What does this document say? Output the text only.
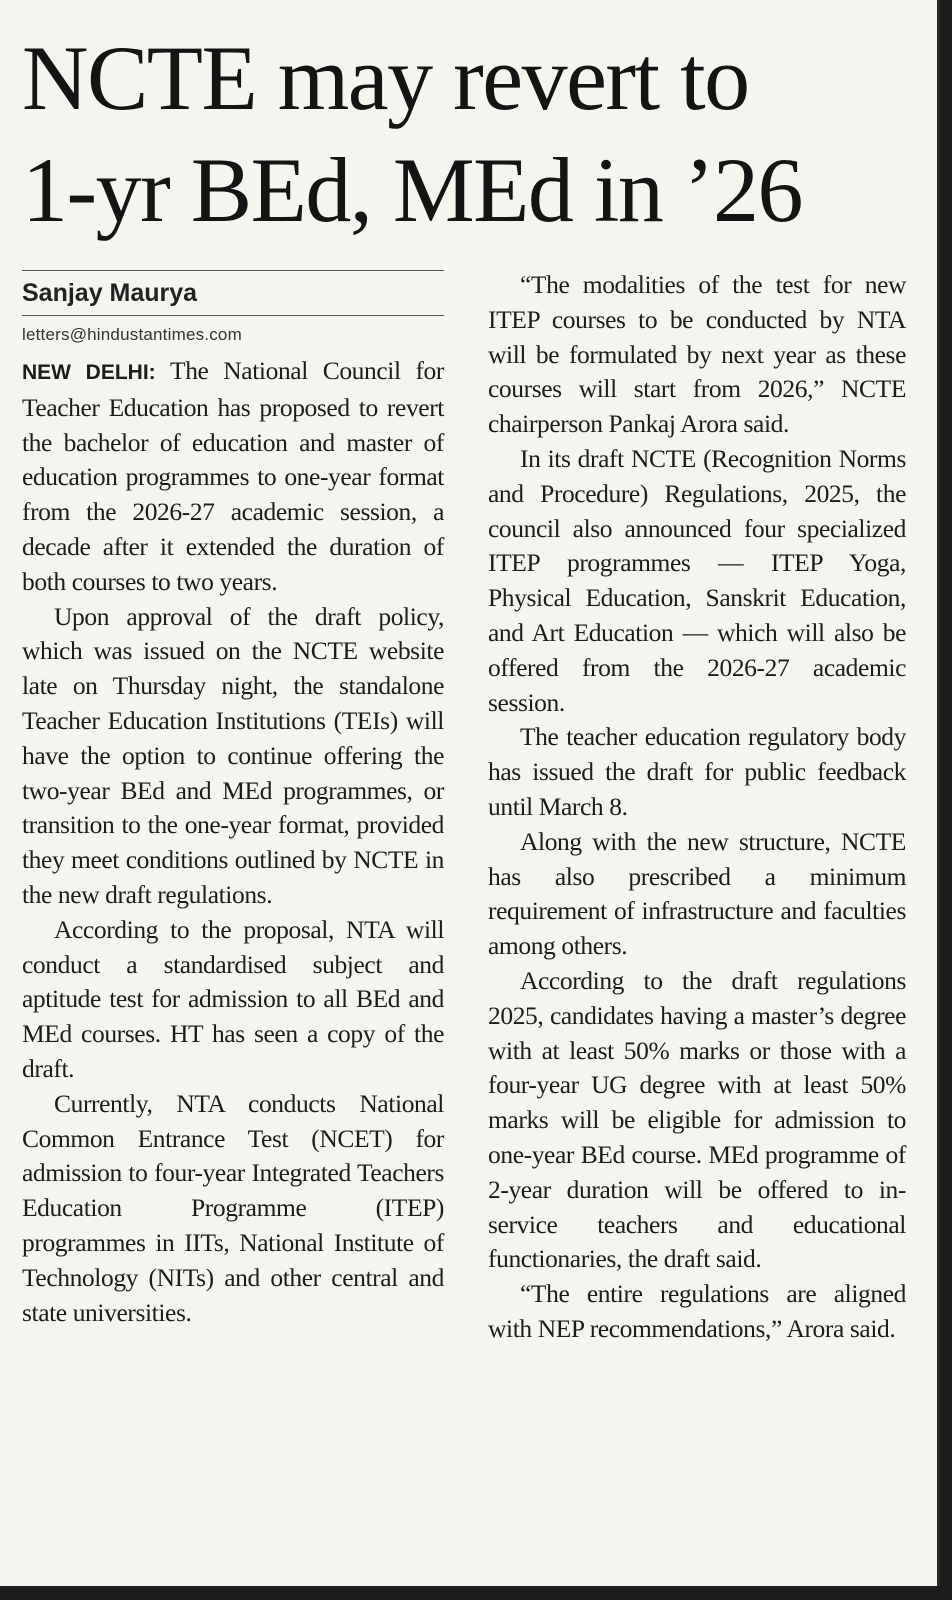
NCTE may revert to
1-yr BEd, MEd in ’26
Sanjay Maurya
letters@hindustantimes.com

NEW DELHI: The National Council for Teacher Education has proposed to revert the bachelor of education and master of education programmes to one-year format from the 2026-27 academic session, a decade after it extended the duration of both courses to two years.

Upon approval of the draft policy, which was issued on the NCTE website late on Thursday night, the standalone Teacher Education Institutions (TEIs) will have the option to continue offering the two-year BEd and MEd programmes, or transition to the one-year format, provided they meet conditions outlined by NCTE in the new draft regulations.

According to the proposal, NTA will conduct a standardised subject and aptitude test for admission to all BEd and MEd courses. HT has seen a copy of the draft.

Currently, NTA conducts National Common Entrance Test (NCET) for admission to four-year Integrated Teachers Education Programme (ITEP) programmes in IITs, National Institute of Technology (NITs) and other central and state universities.

“The modalities of the test for new ITEP courses to be conducted by NTA will be formulated by next year as these courses will start from 2026,” NCTE chairperson Pankaj Arora said.

In its draft NCTE (Recognition Norms and Procedure) Regulations, 2025, the council also announced four specialized ITEP programmes — ITEP Yoga, Physical Education, Sanskrit Education, and Art Education — which will also be offered from the 2026-27 academic session.

The teacher education regulatory body has issued the draft for public feedback until March 8.

Along with the new structure, NCTE has also prescribed a minimum requirement of infrastructure and faculties among others.

According to the draft regulations 2025, candidates having a master’s degree with at least 50% marks or those with a four-year UG degree with at least 50% marks will be eligible for admission to one-year BEd course. MEd programme of 2-year duration will be offered to in-service teachers and educational functionaries, the draft said.

“The entire regulations are aligned with NEP recommendations,” Arora said.
